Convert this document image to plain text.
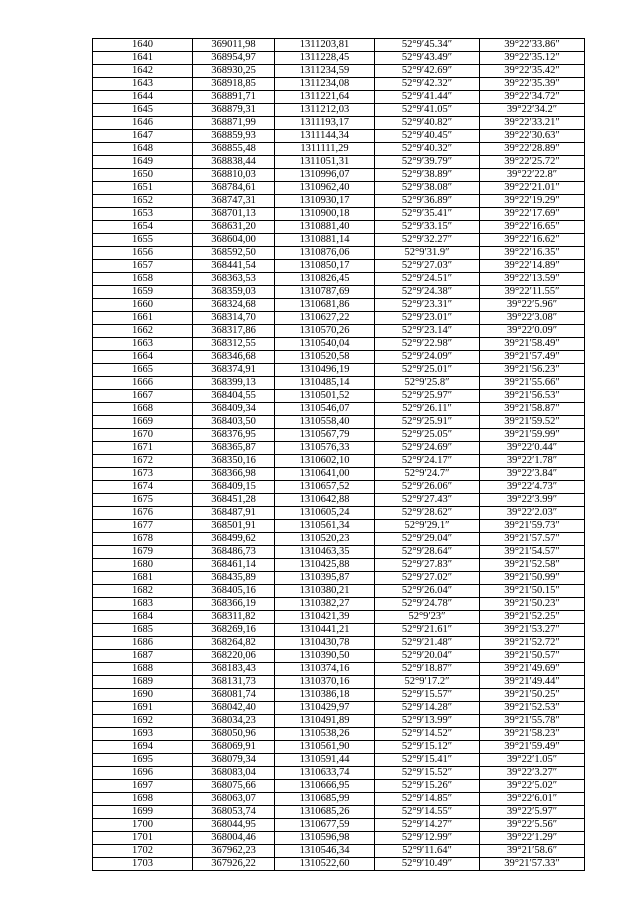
1640	369011,98	1311203,81	52°9′45.34″	39°22′33.86″
1641	368954,97	1311228,45	52°9′43.49″	39°22′35.12″
1642	368930,25	1311234,59	52°9′42.69″	39°22′35.42″
1643	368918,85	1311234,08	52°9′42.32″	39°22′35.39″
1644	368891,71	1311221,64	52°9′41.44″	39°22′34.72″
1645	368879,31	1311212,03	52°9′41.05″	39°22′34.2″
1646	368871,99	1311193,17	52°9′40.82″	39°22′33.21″
1647	368859,93	1311144,34	52°9′40.45″	39°22′30.63″
1648	368855,48	1311111,29	52°9′40.32″	39°22′28.89″
1649	368838,44	1311051,31	52°9′39.79″	39°22′25.72″
1650	368810,03	1310996,07	52°9′38.89″	39°22′22.8″
1651	368784,61	1310962,40	52°9′38.08″	39°22′21.01″
1652	368747,31	1310930,17	52°9′36.89″	39°22′19.29″
1653	368701,13	1310900,18	52°9′35.41″	39°22′17.69″
1654	368631,20	1310881,40	52°9′33.15″	39°22′16.65″
1655	368604,00	1310881,14	52°9′32.27″	39°22′16.62″
1656	368592,50	1310876,06	52°9′31.9″	39°22′16.35″
1657	368441,54	1310850,17	52°9′27.03″	39°22′14.89″
1658	368363,53	1310826,45	52°9′24.51″	39°22′13.59″
1659	368359,03	1310787,69	52°9′24.38″	39°22′11.55″
1660	368324,68	1310681,86	52°9′23.31″	39°22′5.96″
1661	368314,70	1310627,22	52°9′23.01″	39°22′3.08″
1662	368317,86	1310570,26	52°9′23.14″	39°22′0.09″
1663	368312,55	1310540,04	52°9′22.98″	39°21′58.49″
1664	368346,68	1310520,58	52°9′24.09″	39°21′57.49″
1665	368374,91	1310496,19	52°9′25.01″	39°21′56.23″
1666	368399,13	1310485,14	52°9′25.8″	39°21′55.66″
1667	368404,55	1310501,52	52°9′25.97″	39°21′56.53″
1668	368409,34	1310546,07	52°9′26.11″	39°21′58.87″
1669	368403,50	1310558,40	52°9′25.91″	39°21′59.52″
1670	368376,95	1310567,79	52°9′25.05″	39°21′59.99″
1671	368365,87	1310576,33	52°9′24.69″	39°22′0.44″
1672	368350,16	1310602,10	52°9′24.17″	39°22′1.78″
1673	368366,98	1310641,00	52°9′24.7″	39°22′3.84″
1674	368409,15	1310657,52	52°9′26.06″	39°22′4.73″
1675	368451,28	1310642,88	52°9′27.43″	39°22′3.99″
1676	368487,91	1310605,24	52°9′28.62″	39°22′2.03″
1677	368501,91	1310561,34	52°9′29.1″	39°21′59.73″
1678	368499,62	1310520,23	52°9′29.04″	39°21′57.57″
1679	368486,73	1310463,35	52°9′28.64″	39°21′54.57″
1680	368461,14	1310425,88	52°9′27.83″	39°21′52.58″
1681	368435,89	1310395,87	52°9′27.02″	39°21′50.99″
1682	368405,16	1310380,21	52°9′26.04″	39°21′50.15″
1683	368366,19	1310382,27	52°9′24.78″	39°21′50.23″
1684	368311,82	1310421,39	52°9′23″	39°21′52.25″
1685	368269,16	1310441,21	52°9′21.61″	39°21′53.27″
1686	368264,82	1310430,78	52°9′21.48″	39°21′52.72″
1687	368220,06	1310390,50	52°9′20.04″	39°21′50.57″
1688	368183,43	1310374,16	52°9′18.87″	39°21′49.69″
1689	368131,73	1310370,16	52°9′17.2″	39°21′49.44″
1690	368081,74	1310386,18	52°9′15.57″	39°21′50.25″
1691	368042,40	1310429,97	52°9′14.28″	39°21′52.53″
1692	368034,23	1310491,89	52°9′13.99″	39°21′55.78″
1693	368050,96	1310538,26	52°9′14.52″	39°21′58.23″
1694	368069,91	1310561,90	52°9′15.12″	39°21′59.49″
1695	368079,34	1310591,44	52°9′15.41″	39°22′1.05″
1696	368083,04	1310633,74	52°9′15.52″	39°22′3.27″
1697	368075,66	1310666,95	52°9′15.26″	39°22′5.02″
1698	368063,07	1310685,99	52°9′14.85″	39°22′6.01″
1699	368053,74	1310685,26	52°9′14.55″	39°22′5.97″
1700	368044,95	1310677,59	52°9′14.27″	39°22′5.56″
1701	368004,46	1310596,98	52°9′12.99″	39°22′1.29″
1702	367962,23	1310546,34	52°9′11.64″	39°21′58.6″
1703	367926,22	1310522,60	52°9′10.49″	39°21′57.33″
